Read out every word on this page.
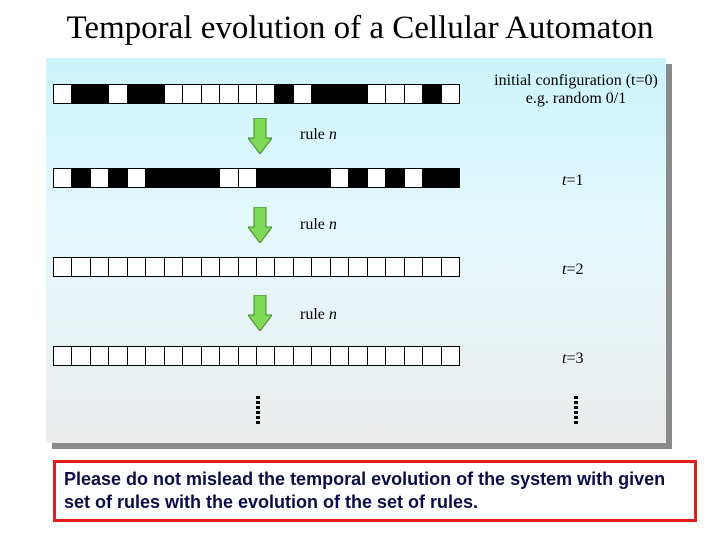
Temporal evolution of a Cellular Automaton
initial configuration (t=0)
e.g. random 0/1
rule n
rule n
rule n
t=1
t=2
t=3
Please do not mislead the temporal evolution of the system with given set of rules with the evolution of the set of rules.
